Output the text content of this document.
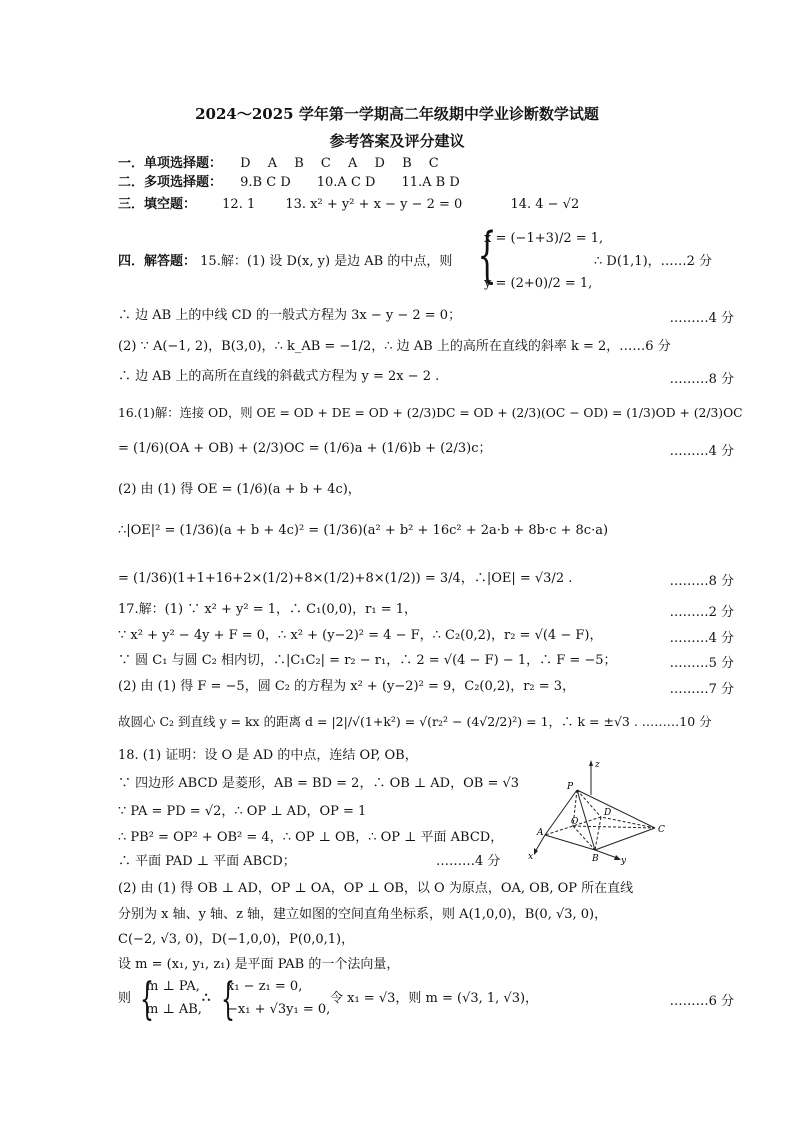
2024～2025 学年第一学期高二年级期中学业诊断数学试题
参考答案及评分建议
一．单项选择题： D　 A　 B　 C　 A　 D　 B　 C
二．多项选择题： 9.B C D　　10.A C D　　11.A B D
三．填空题： 12. 1 13. x² + y² + x − y − 2 = 0	14. 4 − √2
四．解答题： 15.解：(1) 设 D(x, y) 是边 AB 的中点，则 {
x = (−1+3)/2 = 1,
y = (2+0)/2 = 1,
∴ D(1,1)，……2 分
∴ 边 AB 上的中线 CD 的一般式方程为 3x − y − 2 = 0；	………4 分
(2) ∵ A(−1, 2)，B(3,0)，∴ k_AB = −1/2，∴ 边 AB 上的高所在直线的斜率 k = 2，……6 分
∴ 边 AB 上的高所在直线的斜截式方程为 y = 2x − 2 .	………8 分
16.(1)解：连接 OD，则 OE = OD + DE = OD + (2/3)DC = OD + (2/3)(OC − OD) = (1/3)OD + (2/3)OC
= (1/6)(OA + OB) + (2/3)OC = (1/6)a + (1/6)b + (2/3)c；	………4 分
(2) 由 (1) 得 OE = (1/6)(a + b + 4c)，
∴|OE|² = (1/36)(a + b + 4c)² = (1/36)(a² + b² + 16c² + 2a·b + 8b·c + 8c·a)
= (1/36)(1+1+16+2×(1/2)+8×(1/2)+8×(1/2)) = 3/4，∴|OE| = √3/2 .	………8 分
17.解：(1) ∵ x² + y² = 1，∴ C₁(0,0)，r₁ = 1，	………2 分
∵ x² + y² − 4y + F = 0，∴ x² + (y−2)² = 4 − F，∴ C₂(0,2)，r₂ = √(4 − F)，	………4 分
∵ 圆 C₁ 与圆 C₂ 相内切，∴|C₁C₂| = r₂ − r₁，∴ 2 = √(4 − F) − 1，∴ F = −5；	………5 分
(2) 由 (1) 得 F = −5，圆 C₂ 的方程为 x² + (y−2)² = 9，C₂(0,2)，r₂ = 3，	………7 分
故圆心 C₂ 到直线 y = kx 的距离 d = |2|/√(1+k²) = √(r₂² − (4√2/2)²) = 1，∴ k = ±√3 . ………10 分
18. (1) 证明：设 O 是 AD 的中点，连结 OP, OB，
∵ 四边形 ABCD 是菱形，AB = BD = 2，∴ OB ⊥ AD，OB = √3
∵ PA = PD = √2，∴ OP ⊥ AD，OP = 1
∴ PB² = OP² + OB² = 4，∴ OP ⊥ OB，∴ OP ⊥ 平面 ABCD，
∴ 平面 PAD ⊥ 平面 ABCD；	………4 分
z
P
O
D
A	C
x	B y
(2) 由 (1) 得 OB ⊥ AD，OP ⊥ OA，OP ⊥ OB，以 O 为原点，OA, OB, OP 所在直线
分别为 x 轴、y 轴、z 轴，建立如图的空间直角坐标系，则 A(1,0,0)，B(0, √3, 0)，
C(−2, √3, 0)，D(−1,0,0)，P(0,0,1)，
设 m = (x₁, y₁, z₁) 是平面 PAB 的一个法向量，
则 {
m ⊥ PA,
m ⊥ AB,
∴ {
x₁ − z₁ = 0,
−x₁ + √3y₁ = 0,
令 x₁ = √3，则 m = (√3, 1, √3)，	………6 分
